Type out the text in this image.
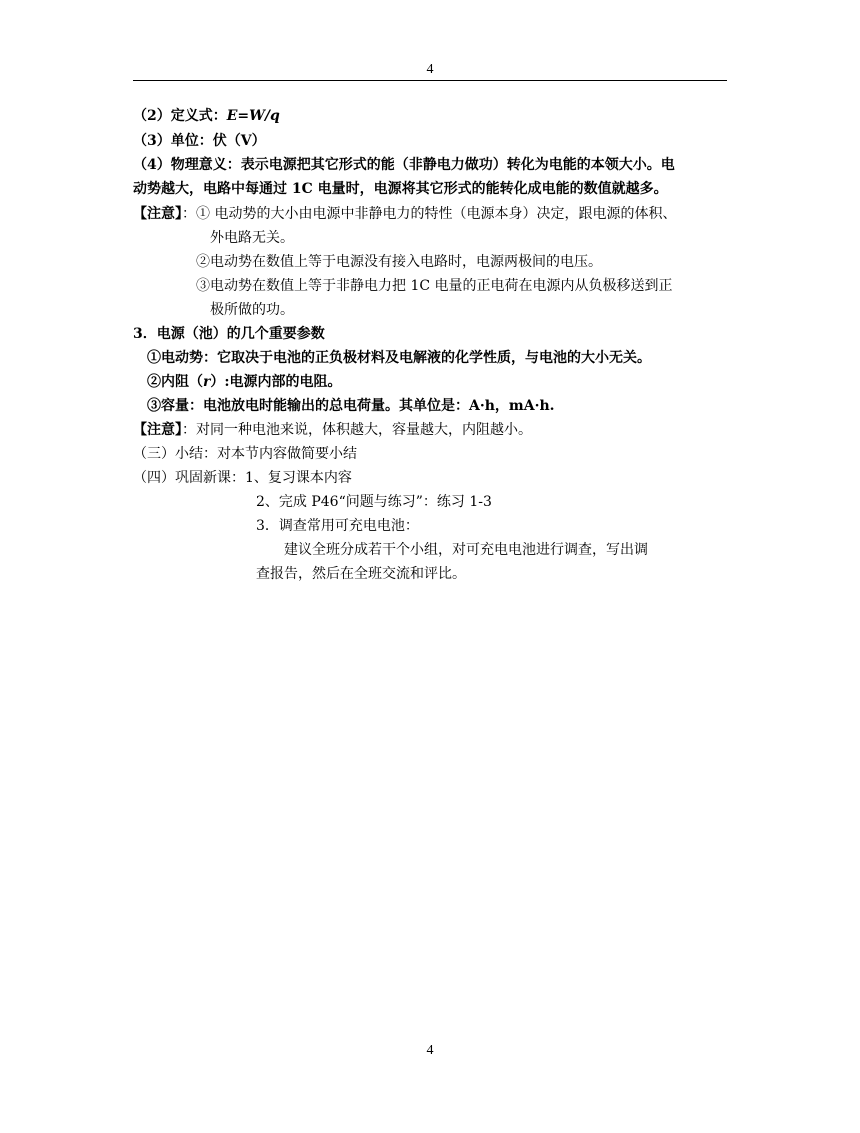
4
（2）定义式：E=W/q
（3）单位：伏（V）
（4）物理意义：表示电源把其它形式的能（非静电力做功）转化为电能的本领大小。电
动势越大，电路中每通过 1C 电量时，电源将其它形式的能转化成电能的数值就越多。
【注意】：① 电动势的大小由电源中非静电力的特性（电源本身）决定，跟电源的体积、
外电路无关。
②电动势在数值上等于电源没有接入电路时，电源两极间的电压。
③电动势在数值上等于非静电力把 1C 电量的正电荷在电源内从负极移送到正
极所做的功。
3．电源（池）的几个重要参数
①电动势：它取决于电池的正负极材料及电解液的化学性质，与电池的大小无关。
②内阻（r）:电源内部的电阻。
③容量：电池放电时能输出的总电荷量。其单位是：A·h，mA·h.
【注意】：对同一种电池来说，体积越大，容量越大，内阻越小。
（三）小结：对本节内容做简要小结
（四）巩固新课：1、复习课本内容
2、完成 P46“问题与练习”：练习 1-3
3．调查常用可充电电池：
建议全班分成若干个小组，对可充电电池进行调查，写出调
查报告，然后在全班交流和评比。
4
